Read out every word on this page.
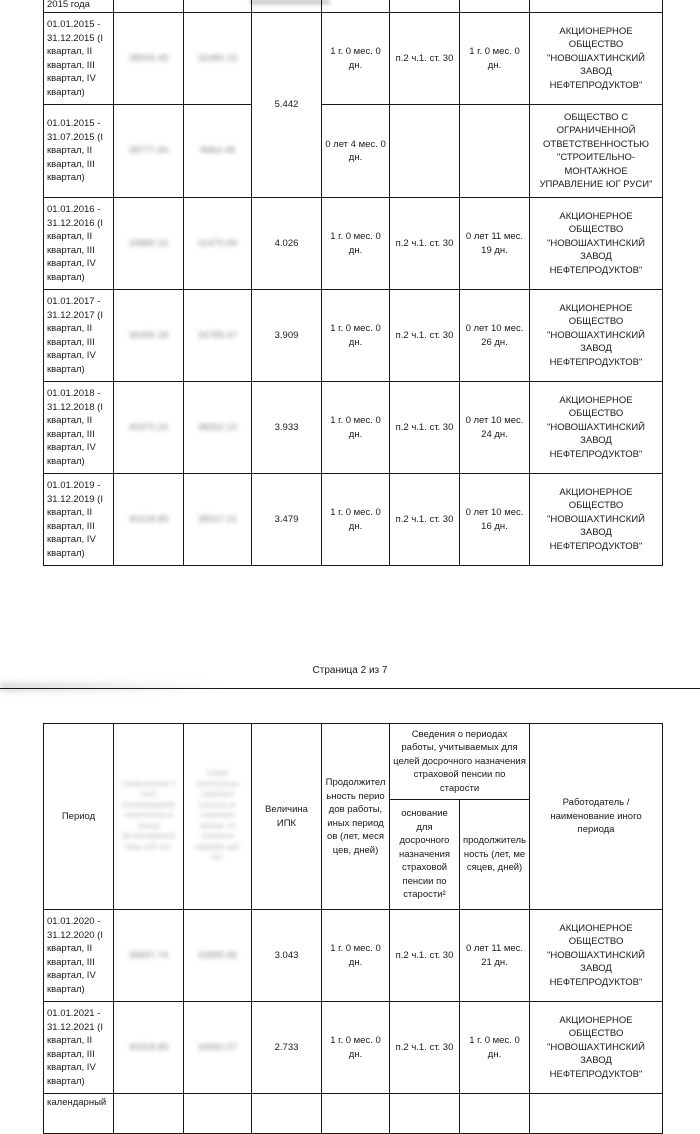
2015 года							
01.01.2015 - 31.12.2015 (I квартал, II квартал, III квартал, IV квартал)	38000.45	32480.15	5.442	1 г. 0 мес. 0 дн.	п.2 ч.1. ст. 30	1 г. 0 мес. 0 дн.	АКЦИОНЕРНОЕ ОБЩЕСТВО "НОВОШАХТИНСКИЙ ЗАВОД НЕФТЕПРОДУКТОВ"
01.01.2015 - 31.07.2015 (I квартал, II квартал, III квартал)	38777.84	8964.48		0 лет 4 мес. 0 дн.			ОБЩЕСТВО С ОГРАНИЧЕННОЙ ОТВЕТСТВЕННОСТЬЮ "СТРОИТЕЛЬНО-МОНТАЖНОЕ УПРАВЛЕНИЕ ЮГ РУСИ"
01.01.2016 - 31.12.2016 (I квартал, II квартал, III квартал, IV квартал)	33880.15	31470.84	4.026	1 г. 0 мес. 0 дн.	п.2 ч.1. ст. 30	0 лет 11 мес. 19 дн.	АКЦИОНЕРНОЕ ОБЩЕСТВО "НОВОШАХТИНСКИЙ ЗАВОД НЕФТЕПРОДУКТОВ"
01.01.2017 - 31.12.2017 (I квартал, II квартал, III квартал, IV квартал)	36490.18	34789.47	3.909	1 г. 0 мес. 0 дн.	п.2 ч.1. ст. 30	0 лет 10 мес. 26 дн.	АКЦИОНЕРНОЕ ОБЩЕСТВО "НОВОШАХТИНСКИЙ ЗАВОД НЕФТЕПРОДУКТОВ"
01.01.2018 - 31.12.2018 (I квартал, II квартал, III квартал, IV квартал)	40370.24	38252.10	3.933	1 г. 0 мес. 0 дн.	п.2 ч.1. ст. 30	0 лет 10 мес. 24 дн.	АКЦИОНЕРНОЕ ОБЩЕСТВО "НОВОШАХТИНСКИЙ ЗАВОД НЕФТЕПРОДУКТОВ"
01.01.2019 - 31.12.2019 (I квартал, II квартал, III квартал, IV квартал)	40218.89	38027.21	3.479	1 г. 0 мес. 0 дн.	п.2 ч.1. ст. 30	0 лет 10 мес. 16 дн.	АКЦИОНЕРНОЕ ОБЩЕСТВО "НОВОШАХТИНСКИЙ ЗАВОД НЕФТЕПРОДУКТОВ"
Страница 2 из 7
Период	Сумма выплат и иных вознаграждений начисленных в пользу застрахованного лица, руб. коп.	Сумма начисленных страховых взносов на страховую пенсию, по основным тарифам, руб. коп.	Величина ИПК	Продолжительность периодов работы, иных периодов (лет, месяцев, дней)	Сведения о периодах работы, учитываемых для целей досрочного назначения страховой пенсии по старости		Работодатель / наименование иного периода
					основание для досрочного назначения страховой пенсии по старости²	продолжительность (лет, месяцев, дней)	
01.01.2020 - 31.12.2020 (I квартал, II квартал, III квартал, IV квартал)	39697.74	32890.95	3.043	1 г. 0 мес. 0 дн.	п.2 ч.1. ст. 30	0 лет 11 мес. 21 дн.	АКЦИОНЕРНОЕ ОБЩЕСТВО "НОВОШАХТИНСКИЙ ЗАВОД НЕФТЕПРОДУКТОВ"
01.01.2021 - 31.12.2021 (I квартал, II квартал, III квартал, IV квартал)	40318.89	34950.27	2.733	1 г. 0 мес. 0 дн.	п.2 ч.1. ст. 30	1 г. 0 мес. 0 дн.	АКЦИОНЕРНОЕ ОБЩЕСТВО "НОВОШАХТИНСКИЙ ЗАВОД НЕФТЕПРОДУКТОВ"
календарный							
